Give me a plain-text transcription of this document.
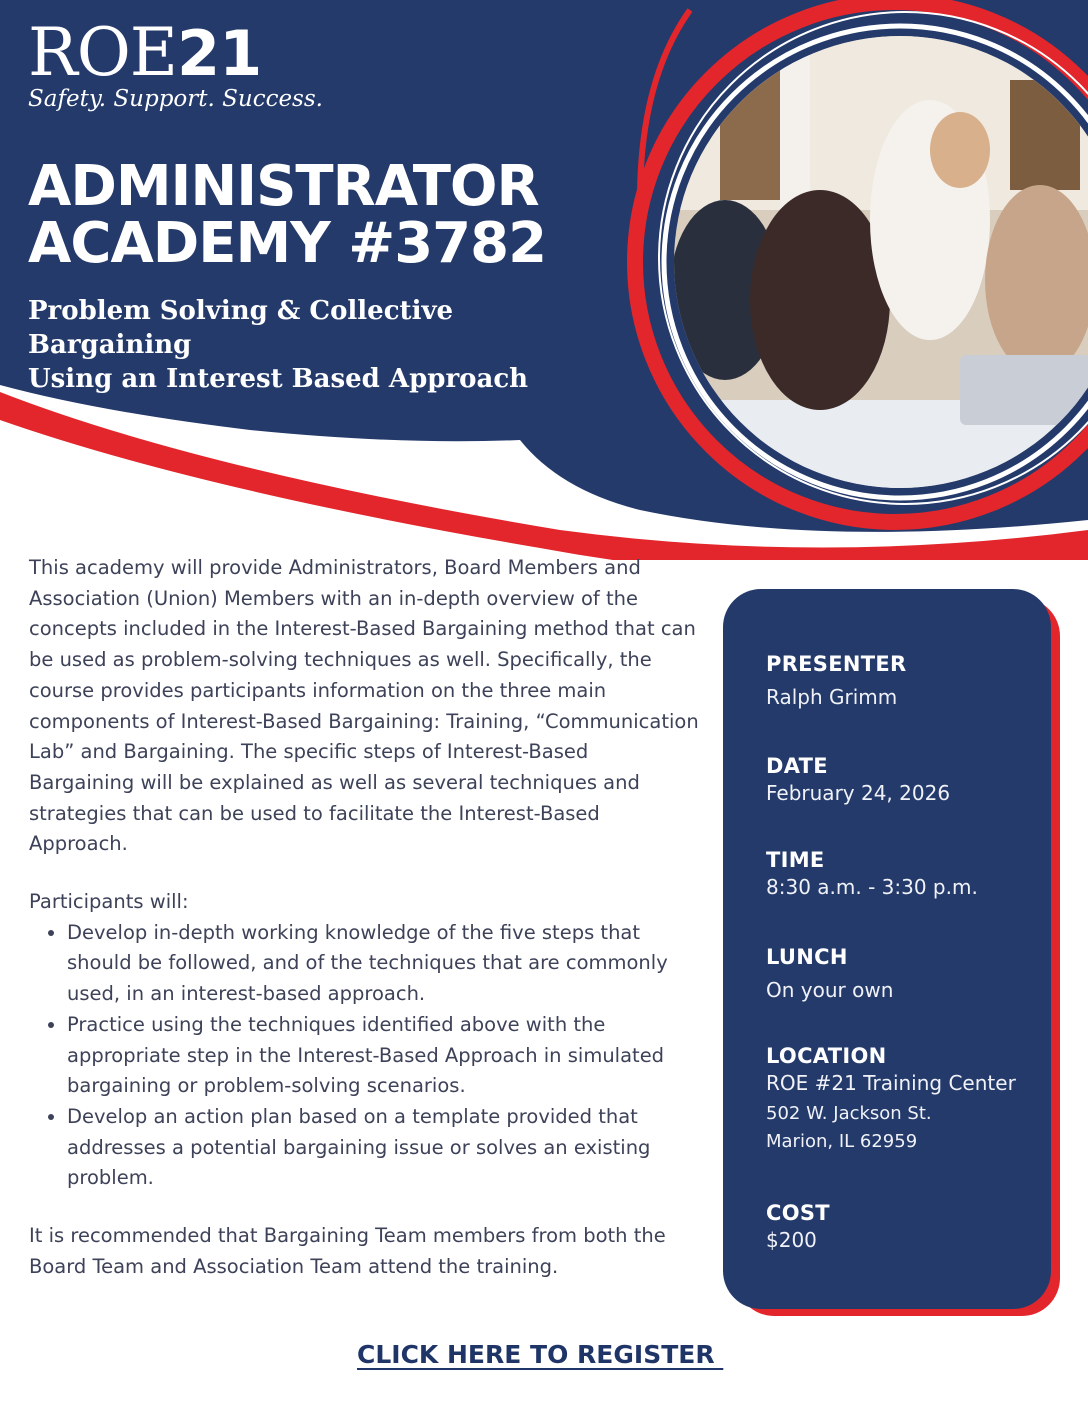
ROE21
Safety. Support. Success.
ADMINISTRATOR
ACADEMY #3782
Problem Solving & Collective Bargaining
Using an Interest Based Approach

This academy will provide Administrators, Board Members and Association (Union) Members with an in-depth overview of the concepts included in the Interest-Based Bargaining method that can be used as problem-solving techniques as well. Specifically, the course provides participants information on the three main components of Interest-Based Bargaining: Training, “Communication Lab” and Bargaining. The specific steps of Interest-Based Bargaining will be explained as well as several techniques and strategies that can be used to facilitate the Interest-Based Approach.

Participants will:

• Develop in-depth working knowledge of the five steps that should be followed, and of the techniques that are commonly used, in an interest-based approach.
• Practice using the techniques identified above with the appropriate step in the Interest-Based Approach in simulated bargaining or problem-solving scenarios.
• Develop an action plan based on a template provided that addresses a potential bargaining issue or solves an existing problem.

It is recommended that Bargaining Team members from both the Board Team and Association Team attend the training.

PRESENTER
Ralph Grimm
DATE
February 24, 2026
TIME
8:30 a.m. - 3:30 p.m.
LUNCH
On your own
LOCATION
ROE #21 Training Center
502 W. Jackson St.
Marion, IL 62959
COST
$200
CLICK HERE TO REGISTER
